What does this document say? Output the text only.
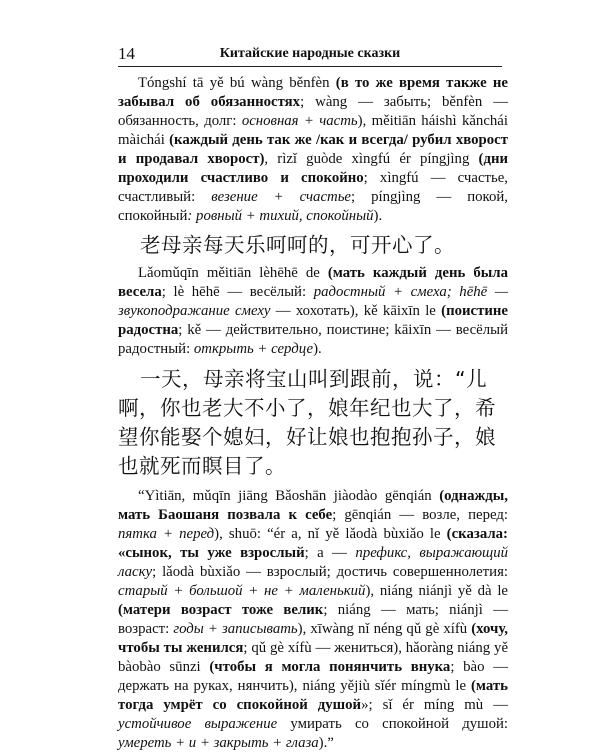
14	Китайские народные сказки

Tóngshí tā yě bú wàng běnfèn (в то же время также не забывал об обязанностях; wàng — забыть; běnfèn — обязанность, долг: основная + часть), měitiān háishì kǎnchái màichái (каждый день так же /как и всегда/ рубил хворост и продавал хворост), rìzǐ guòde xìngfú ér píngjìng (дни проходили счастливо и спокойно; xìngfú — счастье, счастливый: везение + счастье; píngjìng — покой, спокойный: ровный + тихий, спокойный).

老母亲每天乐呵呵的，可开心了。

Lǎomǔqīn měitiān lèhēhē de (мать каждый день была весела; lè hēhē — весёлый: радостный + смеха; hēhē — звукоподражание смеху — хохотать), kě kāixīn le (поистине радостна; kě — действительно, поистине; kāixīn — весёлый радостный: открыть + сердце).

一天，母亲将宝山叫到跟前，说：“儿啊，你也老大不小了，娘年纪也大了，希望你能娶个媳妇，好让娘也抱抱孙子，娘也就死而瞑目了。

“Yìtiān, mǔqīn jiāng Bǎoshān jiàodào gēnqián (однажды, мать Баошаня позвала к себе; gēnqián — возле, перед: пятка + перед), shuō: “ér a, nǐ yě lǎodà bùxiǎo le (сказала: «сынок, ты уже взрослый; a — префикс, выражающий ласку; lǎodà bùxiǎo — взрослый; достичь совершеннолетия: старый + большой + не + маленький), niáng niánjì yě dà le (матери возраст тоже велик; niáng — мать; niánjì — возраст: годы + записывать), xīwàng nǐ néng qǔ gè xífù (хочу, чтобы ты женился; qǔ gè xífù — жениться), hǎoràng niáng yě bàobào sūnzi (чтобы я могла понянчить внука; bào — держать на руках, нянчить), niáng yějiù sǐér míngmù le (мать тогда умрёт со спокойной душой»; sǐ ér míng mù — устойчивое выражение умирать со спокойной душой: умереть + и + закрыть + глаза).”
